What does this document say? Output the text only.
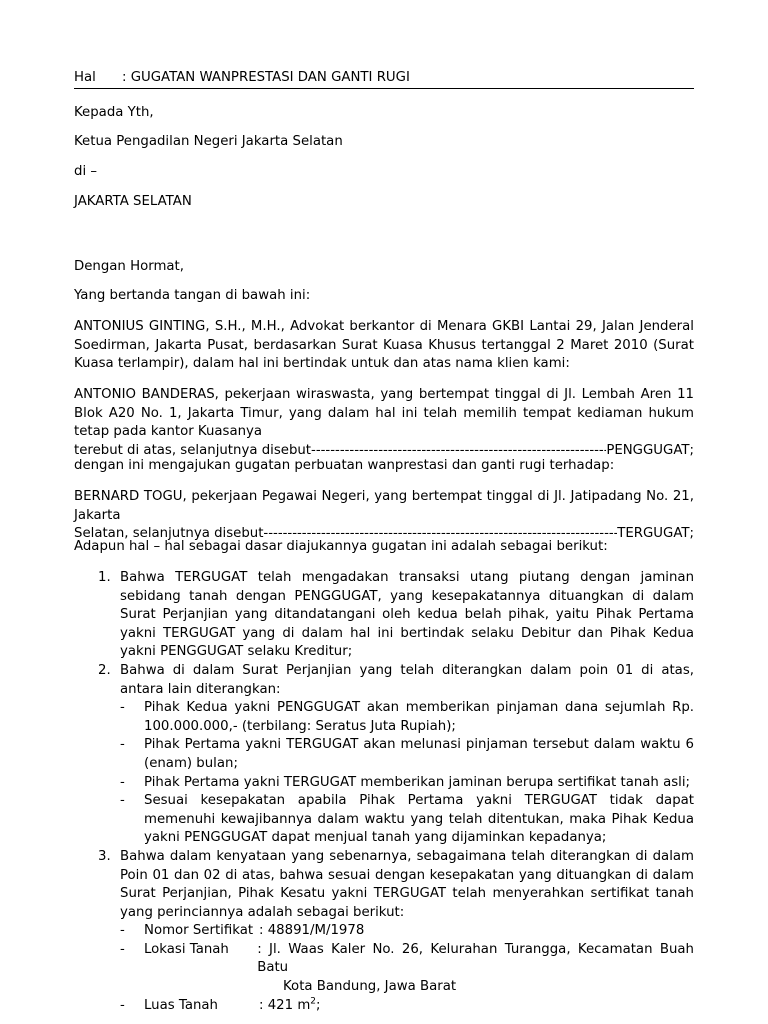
Hal	: GUGATAN WANPRESTASI DAN GANTI RUGI

Kepada Yth,

Ketua Pengadilan Negeri Jakarta Selatan

di –

JAKARTA SELATAN

Dengan Hormat,

Yang bertanda tangan di bawah ini:

ANTONIUS GINTING, S.H., M.H., Advokat berkantor di Menara GKBI Lantai 29, Jalan Jenderal Soedirman, Jakarta Pusat, berdasarkan Surat Kuasa Khusus tertanggal 2 Maret 2010 (Surat Kuasa terlampir), dalam hal ini bertindak untuk dan atas nama klien kami:

ANTONIO BANDERAS, pekerjaan wiraswasta, yang bertempat tinggal di Jl. Lembah Aren 11 Blok A20 No. 1, Jakarta Timur, yang dalam hal ini telah memilih tempat kediaman hukum tetap pada kantor Kuasanya

terebut di atas, selanjutnya disebut -----	PENGGUGAT;

dengan ini mengajukan gugatan perbuatan wanprestasi dan ganti rugi terhadap:

BERNARD TOGU, pekerjaan Pegawai Negeri, yang bertempat tinggal di Jl. Jatipadang No. 21, Jakarta

Selatan, selanjutnya disebut -----	TERGUGAT;

Adapun hal – hal sebagai dasar diajukannya gugatan ini adalah sebagai berikut:

1. Bahwa TERGUGAT telah mengadakan transaksi utang piutang dengan jaminan sebidang tanah dengan PENGGUGAT, yang kesepakatannya dituangkan di dalam Surat Perjanjian yang ditandatangani oleh kedua belah pihak, yaitu Pihak Pertama yakni TERGUGAT yang di dalam hal ini bertindak selaku Debitur dan Pihak Kedua yakni PENGGUGAT selaku Kreditur;
2. Bahwa di dalam Surat Perjanjian yang telah diterangkan dalam poin 01 di atas, antara lain diterangkan:
- Pihak Kedua yakni PENGGUGAT akan memberikan pinjaman dana sejumlah Rp. 100.000.000,- (terbilang: Seratus Juta Rupiah);
- Pihak Pertama yakni TERGUGAT akan melunasi pinjaman tersebut dalam waktu 6 (enam) bulan;
- Pihak Pertama yakni TERGUGAT memberikan jaminan berupa sertifikat tanah asli;
- Sesuai kesepakatan apabila Pihak Pertama yakni TERGUGAT tidak dapat memenuhi kewajibannya dalam waktu yang telah ditentukan, maka Pihak Kedua yakni PENGGUGAT dapat menjual tanah yang dijaminkan kepadanya;
3. Bahwa dalam kenyataan yang sebenarnya, sebagaimana telah diterangkan di dalam Poin 01 dan 02 di atas, bahwa sesuai dengan kesepakatan yang dituangkan di dalam Surat Perjanjian, Pihak Kesatu yakni TERGUGAT telah menyerahkan sertifikat tanah yang perinciannya adalah sebagai berikut:
- Nomor Sertifikat : 48891/M/1978
- Lokasi Tanah	: Jl. Waas Kaler No. 26, Kelurahan Turangga, Kecamatan Buah Batu
Kota Bandung, Jawa Barat
- Luas Tanah	: 421 $m^2$;
